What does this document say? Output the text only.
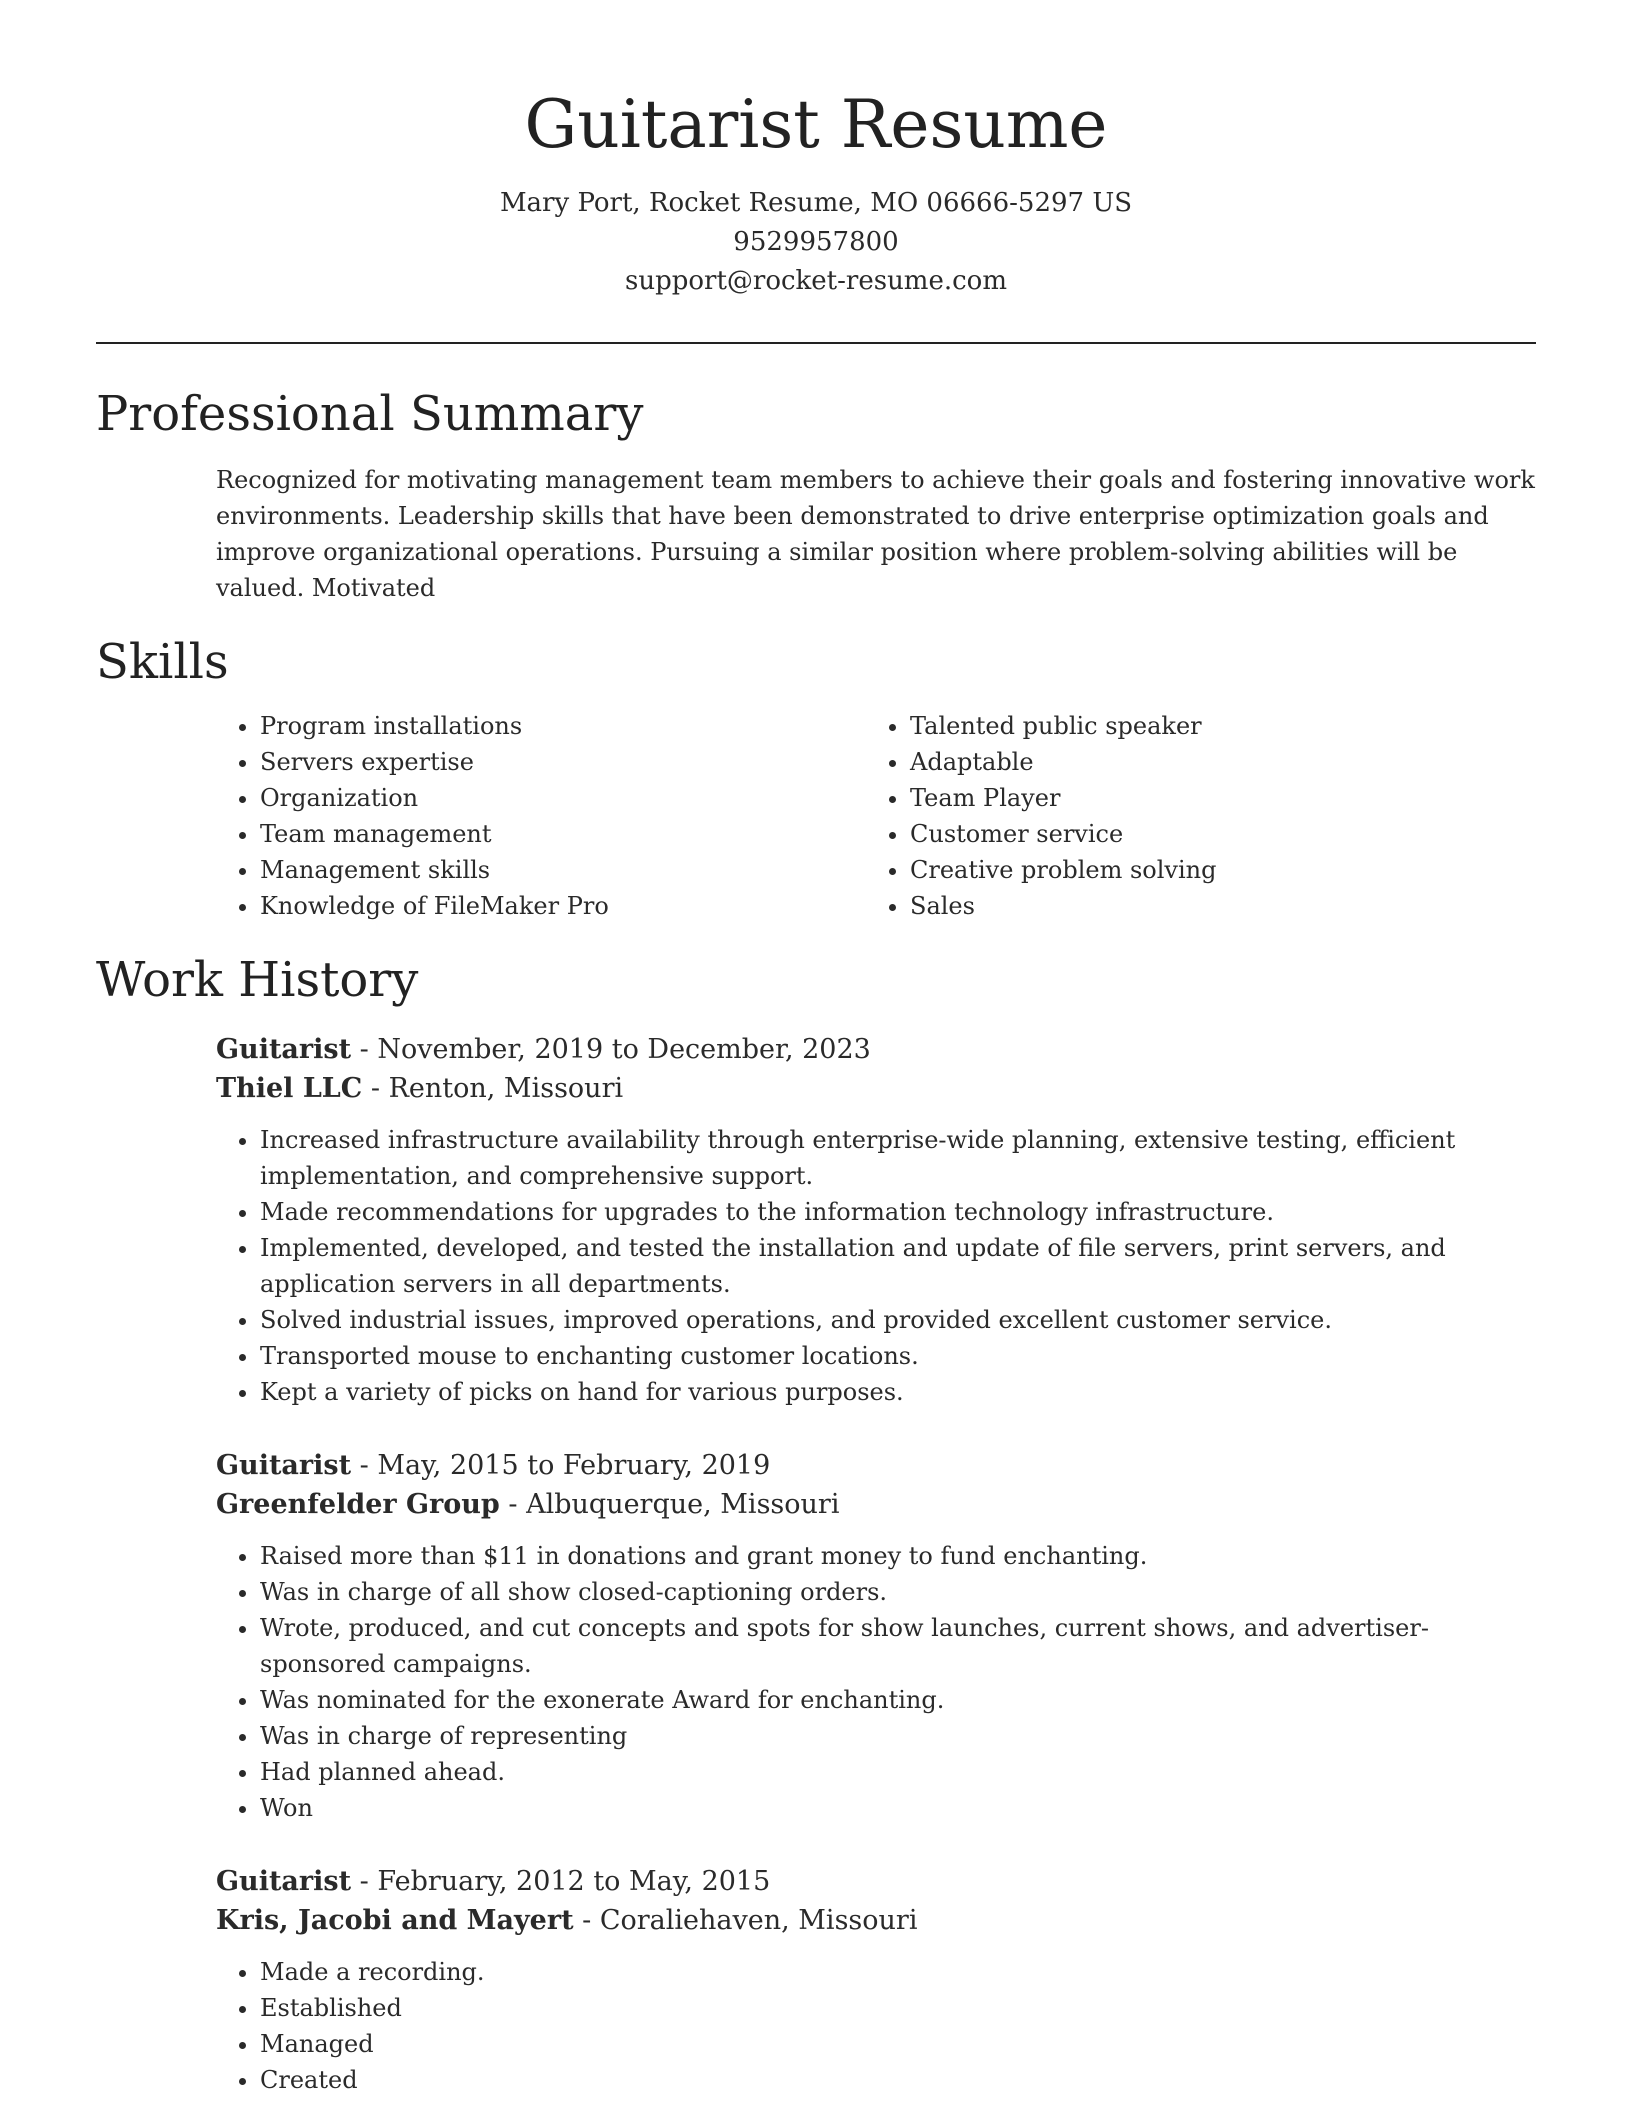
Guitarist Resume
Mary Port, Rocket Resume, MO 06666-5297 US
9529957800
support@rocket-resume.com
Professional Summary

Recognized for motivating management team members to achieve their goals and fostering innovative work environments. Leadership skills that have been demonstrated to drive enterprise optimization goals and improve organizational operations. Pursuing a similar position where problem-solving abilities will be valued. Motivated

Skills
• Program installations
• Servers expertise
• Organization
• Team management
• Management skills
• Knowledge of FileMaker Pro
• Talented public speaker
• Adaptable
• Team Player
• Customer service
• Creative problem solving
• Sales
Work History
Guitarist - November, 2019 to December, 2023
Thiel LLC - Renton, Missouri
• Increased infrastructure availability through enterprise-wide planning, extensive testing, efficient implementation, and comprehensive support.
• Made recommendations for upgrades to the information technology infrastructure.
• Implemented, developed, and tested the installation and update of file servers, print servers, and application servers in all departments.
• Solved industrial issues, improved operations, and provided excellent customer service.
• Transported mouse to enchanting customer locations.
• Kept a variety of picks on hand for various purposes.
Guitarist - May, 2015 to February, 2019
Greenfelder Group - Albuquerque, Missouri
• Raised more than $11 in donations and grant money to fund enchanting.
• Was in charge of all show closed-captioning orders.
• Wrote, produced, and cut concepts and spots for show launches, current shows, and advertiser-sponsored campaigns.
• Was nominated for the exonerate Award for enchanting.
• Was in charge of representing
• Had planned ahead.
• Won
Guitarist - February, 2012 to May, 2015
Kris, Jacobi and Mayert - Coraliehaven, Missouri
• Made a recording.
• Established
• Managed
• Created
